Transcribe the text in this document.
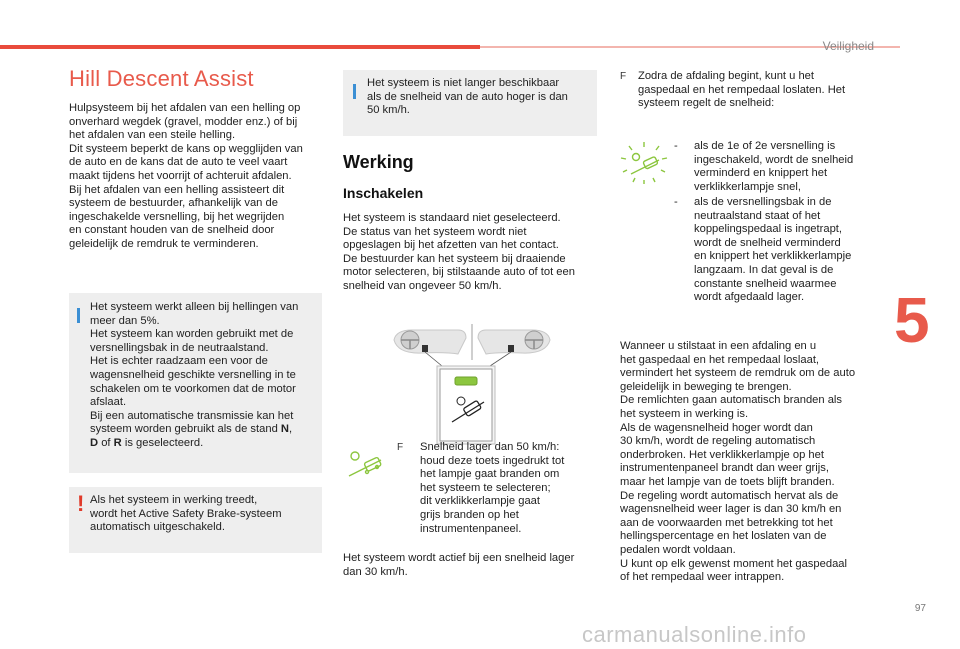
Veiligheid
Hill Descent Assist
Hulpsysteem bij het afdalen van een helling op
onverhard wegdek (gravel, modder enz.) of bij
het afdalen van een steile helling.
Dit systeem beperkt de kans op wegglijden van
de auto en de kans dat de auto te veel vaart
maakt tijdens het voorrijt of achteruit afdalen.
Bij het afdalen van een helling assisteert dit
systeem de bestuurder, afhankelijk van de
ingeschakelde versnelling, bij het wegrijden
en constant houden van de snelheid door
geleidelijk de remdruk te verminderen.
Het systeem werkt alleen bij hellingen van
meer dan 5%.
Het systeem kan worden gebruikt met de
versnellingsbak in de neutraalstand.
Het is echter raadzaam een voor de
wagensnelheid geschikte versnelling in te
schakelen om te voorkomen dat de motor
afslaat.
Bij een automatische transmissie kan het
systeem worden gebruikt als de stand N,
D of R is geselecteerd.
! Als het systeem in werking treedt,
wordt het Active Safety Brake-systeem
automatisch uitgeschakeld.
Het systeem is niet langer beschikbaar
als de snelheid van de auto hoger is dan
50 km/h.
Werking
Inschakelen
Het systeem is standaard niet geselecteerd.
De status van het systeem wordt niet
opgeslagen bij het afzetten van het contact.
De bestuurder kan het systeem bij draaiende
motor selecteren, bij stilstaande auto of tot een
snelheid van ongeveer 50 km/h.
F Snelheid lager dan 50 km/h:
houd deze toets ingedrukt tot
het lampje gaat branden om
het systeem te selecteren;
dit verklikkerlampje gaat
grijs branden op het
instrumentenpaneel.
Het systeem wordt actief bij een snelheid lager
dan 30 km/h.
F Zodra de afdaling begint, kunt u het
gaspedaal en het rempedaal loslaten. Het
systeem regelt de snelheid:
- als de 1e of 2e versnelling is
ingeschakeld, wordt de snelheid
verminderd en knippert het
verklikkerlampje snel,
- als de versnellingsbak in de
neutraalstand staat of het
koppelingspedaal is ingetrapt,
wordt de snelheid verminderd
en knippert het verklikkerlampje
langzaam. In dat geval is de
constante snelheid waarmee
wordt afgedaald lager.
Wanneer u stilstaat in een afdaling en u
het gaspedaal en het rempedaal loslaat,
vermindert het systeem de remdruk om de auto
geleidelijk in beweging te brengen.
De remlichten gaan automatisch branden als
het systeem in werking is.
Als de wagensnelheid hoger wordt dan
30 km/h, wordt de regeling automatisch
onderbroken. Het verklikkerlampje op het
instrumentenpaneel brandt dan weer grijs,
maar het lampje van de toets blijft branden.
De regeling wordt automatisch hervat als de
wagensnelheid weer lager is dan 30 km/h en
aan de voorwaarden met betrekking tot het
hellingspercentage en het loslaten van de
pedalen wordt voldaan.
U kunt op elk gewenst moment het gaspedaal
of het rempedaal weer intrappen.
5
97
carmanualsonline.info
